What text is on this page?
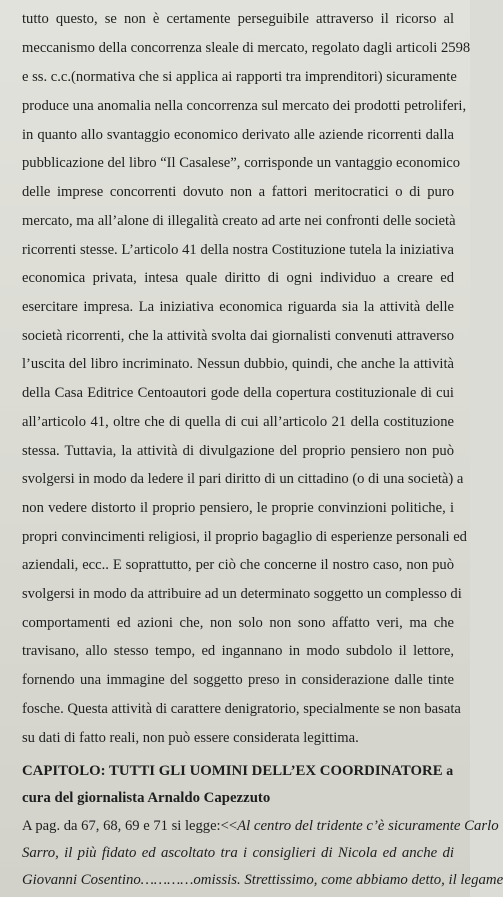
tutto questo, se non è certamente perseguibile attraverso il ricorso al
meccanismo della concorrenza sleale di mercato, regolato dagli articoli 2598
e ss. c.c.(normativa che si applica ai rapporti tra imprenditori) sicuramente
produce una anomalia nella concorrenza sul mercato dei prodotti petroliferi,
in quanto allo svantaggio economico derivato alle aziende ricorrenti dalla
pubblicazione del libro “Il Casalese”, corrisponde un vantaggio economico
delle imprese concorrenti dovuto non a fattori meritocratici o di puro
mercato, ma all’alone di illegalità creato ad arte nei confronti delle società
ricorrenti stesse. L’articolo 41 della nostra Costituzione tutela la iniziativa
economica privata, intesa quale diritto di ogni individuo a creare ed
esercitare impresa. La iniziativa economica riguarda sia la attività delle
società ricorrenti, che la attività svolta dai giornalisti convenuti attraverso
l’uscita del libro incriminato. Nessun dubbio, quindi, che anche la attività
della Casa Editrice Centoautori gode della copertura costituzionale di cui
all’articolo 41, oltre che di quella di cui all’articolo 21 della costituzione
stessa. Tuttavia, la attività di divulgazione del proprio pensiero non può
svolgersi in modo da ledere il pari diritto di un cittadino (o di una società) a
non vedere distorto il proprio pensiero, le proprie convinzioni politiche, i
propri convincimenti religiosi, il proprio bagaglio di esperienze personali ed
aziendali, ecc.. E soprattutto, per ciò che concerne il nostro caso, non può
svolgersi in modo da attribuire ad un determinato soggetto un complesso di
comportamenti ed azioni che, non solo non sono affatto veri, ma che
travisano, allo stesso tempo, ed ingannano in modo subdolo il lettore,
fornendo una immagine del soggetto preso in considerazione dalle tinte
fosche. Questa attività di carattere denigratorio, specialmente se non basata
su dati di fatto reali, non può essere considerata legittima.
CAPITOLO: TUTTI GLI UOMINI DELL’EX COORDINATORE a
cura del giornalista Arnaldo Capezzuto
A pag. da 67, 68, 69 e 71 si legge:<<Al centro del tridente c’è sicuramente Carlo
Sarro, il più fidato ed ascoltato tra i consiglieri di Nicola ed anche di
Giovanni Cosentino…………omissis. Strettissimo, come abbiamo detto, il legame
